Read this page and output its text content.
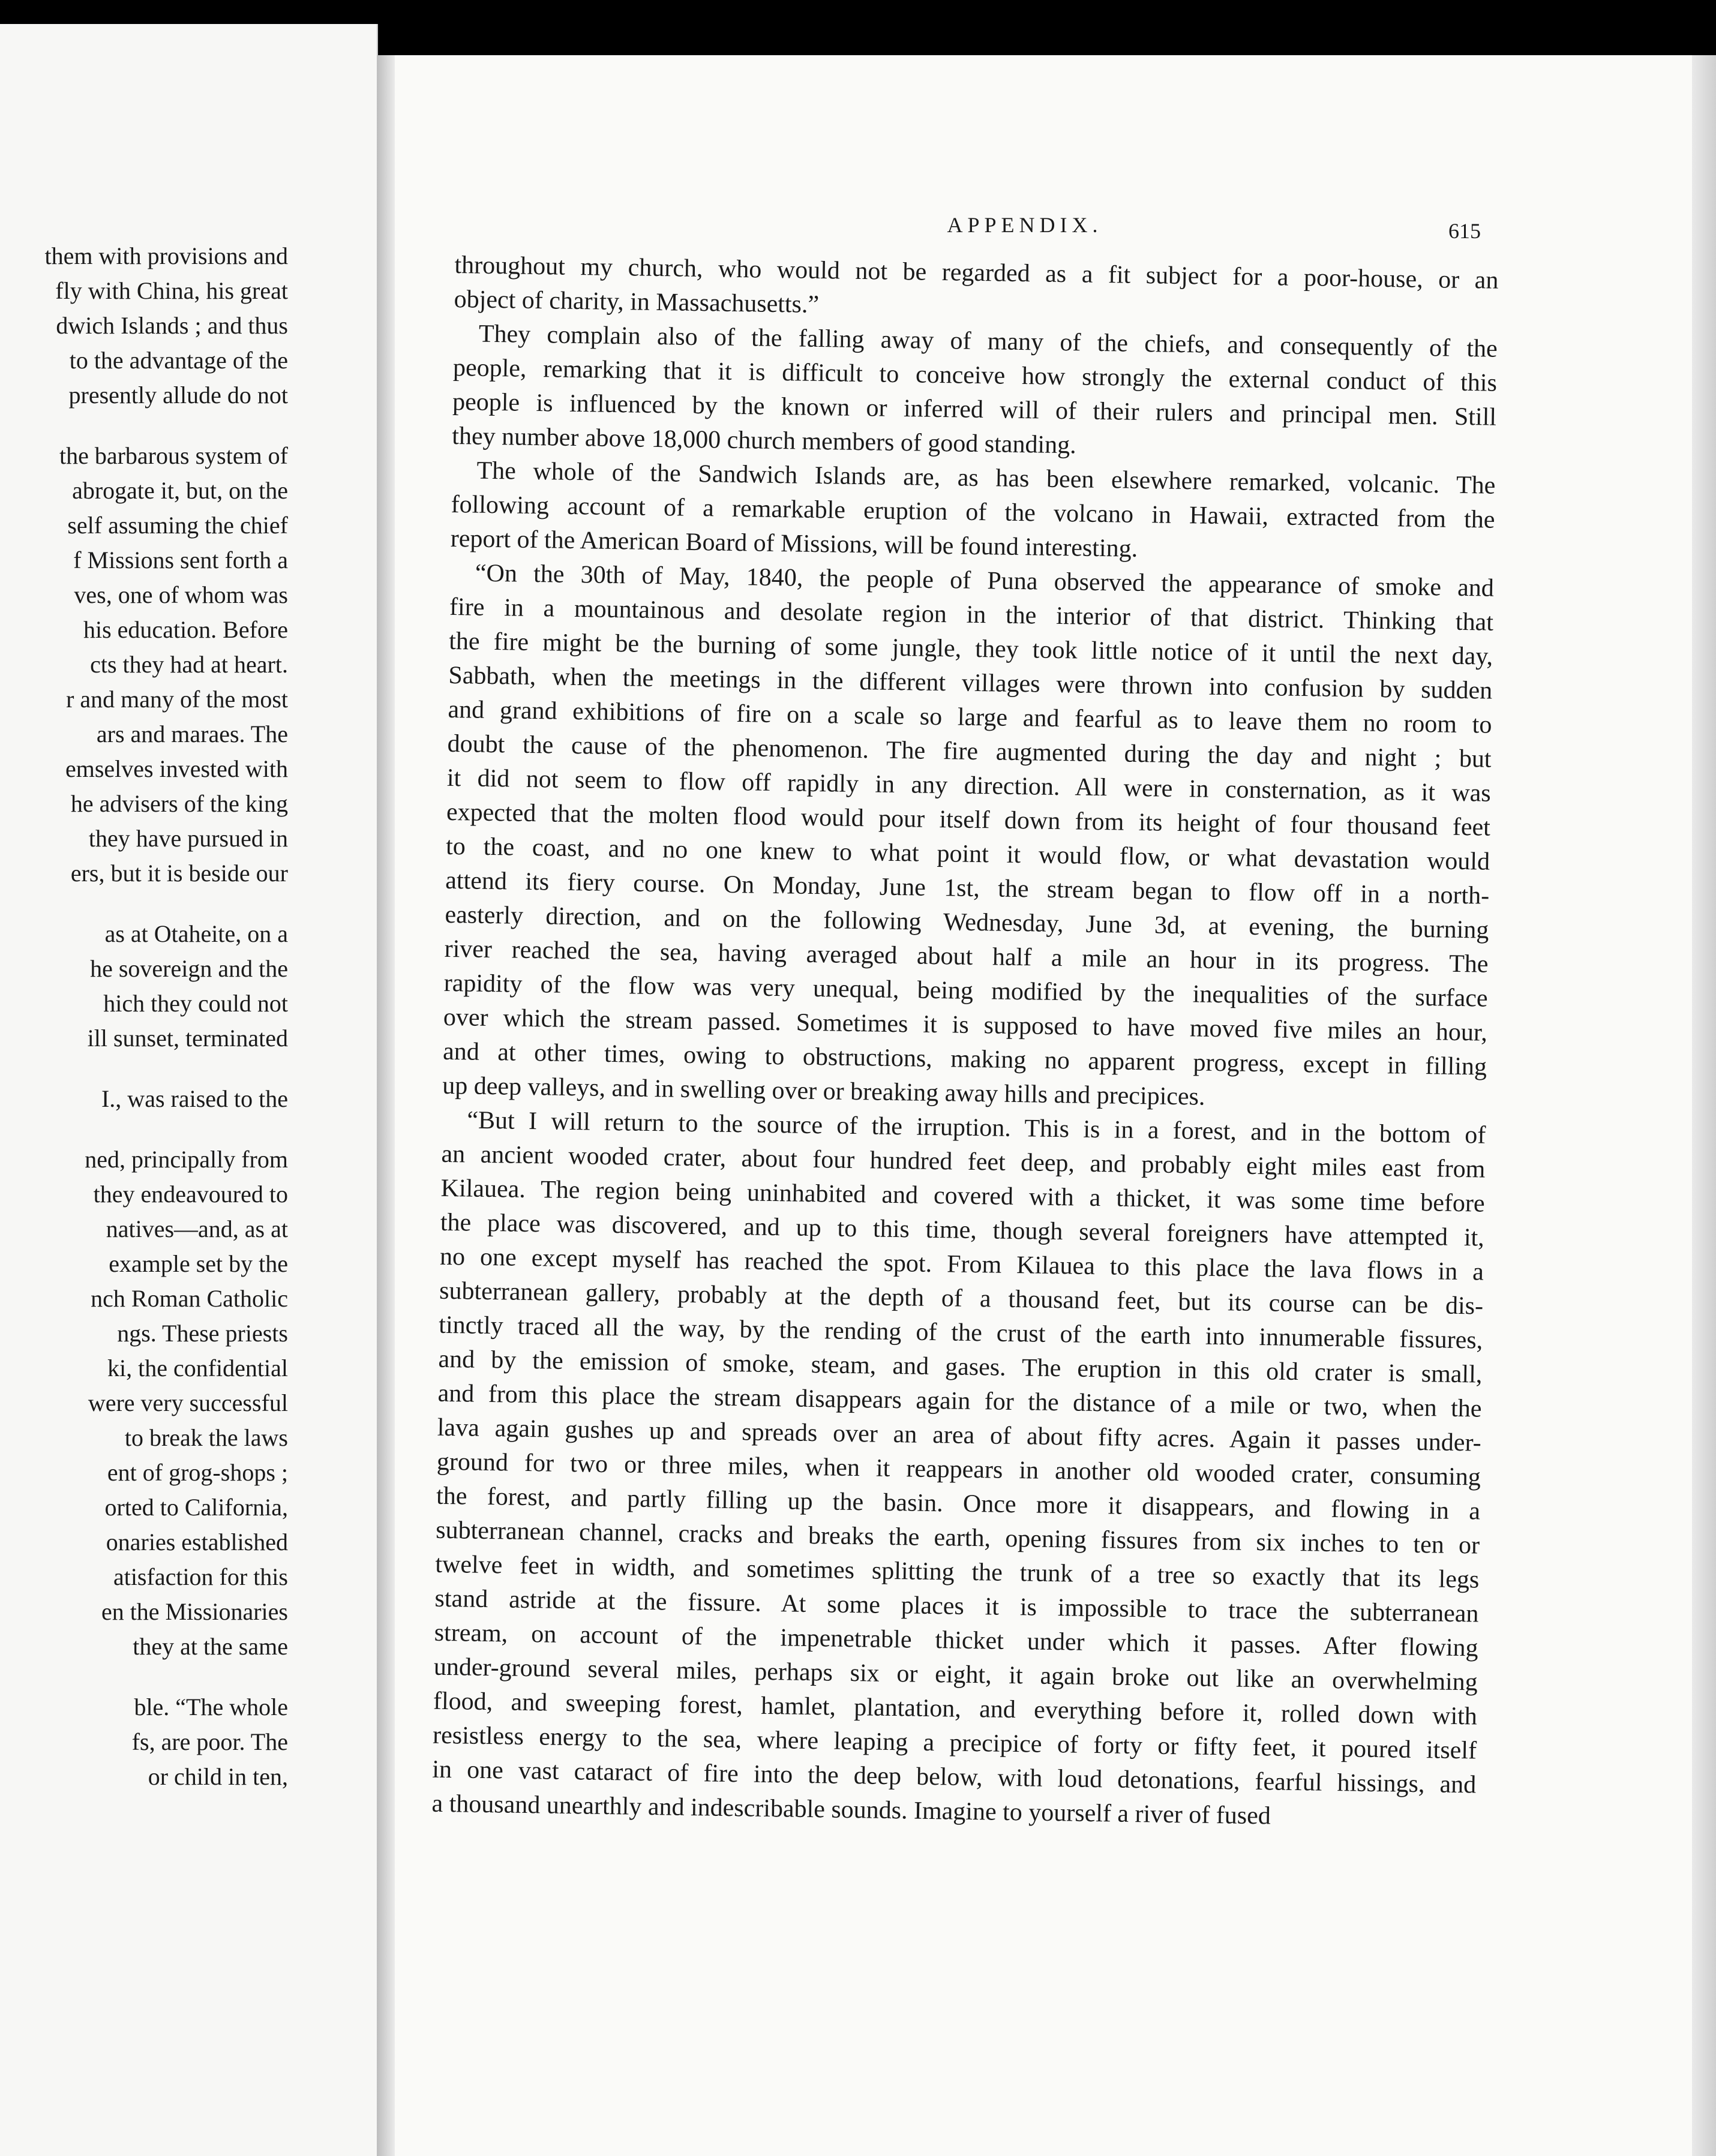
them with provisions and
fly with China, his great
dwich Islands ; and thus
to the advantage of the
presently allude do not
the barbarous system of
abrogate it, but, on the
self assuming the chief
f Missions sent forth a
ves, one of whom was
his education. Before
cts they had at heart.
r and many of the most
ars and maraes. The
emselves invested with
he advisers of the king
they have pursued in
ers, but it is beside our
as at Otaheite, on a
he sovereign and the
hich they could not
ill sunset, terminated
I., was raised to the
ned, principally from
they endeavoured to
natives—and, as at
example set by the
nch Roman Catholic
ngs. These priests
ki, the confidential
were very successful
to break the laws
ent of grog-shops ;
orted to California,
onaries established
atisfaction for this
en the Missionaries
they at the same
ble. “The whole
fs, are poor. The
or child in ten,
APPENDIX.	615
throughout my church, who would not be regarded as a fit subject for a poor-house, or an
object of charity, in Massachusetts.”
They complain also of the falling away of many of the chiefs, and consequently of the
people, remarking that it is difficult to conceive how strongly the external conduct of this
people is influenced by the known or inferred will of their rulers and principal men. Still
they number above 18,000 church members of good standing.
The whole of the Sandwich Islands are, as has been elsewhere remarked, volcanic. The
following account of a remarkable eruption of the volcano in Hawaii, extracted from the
report of the American Board of Missions, will be found interesting.
“On the 30th of May, 1840, the people of Puna observed the appearance of smoke and
fire in a mountainous and desolate region in the interior of that district. Thinking that
the fire might be the burning of some jungle, they took little notice of it until the next day,
Sabbath, when the meetings in the different villages were thrown into confusion by sudden
and grand exhibitions of fire on a scale so large and fearful as to leave them no room to
doubt the cause of the phenomenon. The fire augmented during the day and night ; but
it did not seem to flow off rapidly in any direction. All were in consternation, as it was
expected that the molten flood would pour itself down from its height of four thousand feet
to the coast, and no one knew to what point it would flow, or what devastation would
attend its fiery course. On Monday, June 1st, the stream began to flow off in a north-
easterly direction, and on the following Wednesday, June 3d, at evening, the burning
river reached the sea, having averaged about half a mile an hour in its progress. The
rapidity of the flow was very unequal, being modified by the inequalities of the surface
over which the stream passed. Sometimes it is supposed to have moved five miles an hour,
and at other times, owing to obstructions, making no apparent progress, except in filling
up deep valleys, and in swelling over or breaking away hills and precipices.
“But I will return to the source of the irruption. This is in a forest, and in the bottom of
an ancient wooded crater, about four hundred feet deep, and probably eight miles east from
Kilauea. The region being uninhabited and covered with a thicket, it was some time before
the place was discovered, and up to this time, though several foreigners have attempted it,
no one except myself has reached the spot. From Kilauea to this place the lava flows in a
subterranean gallery, probably at the depth of a thousand feet, but its course can be dis-
tinctly traced all the way, by the rending of the crust of the earth into innumerable fissures,
and by the emission of smoke, steam, and gases. The eruption in this old crater is small,
and from this place the stream disappears again for the distance of a mile or two, when the
lava again gushes up and spreads over an area of about fifty acres. Again it passes under-
ground for two or three miles, when it reappears in another old wooded crater, consuming
the forest, and partly filling up the basin. Once more it disappears, and flowing in a
subterranean channel, cracks and breaks the earth, opening fissures from six inches to ten or
twelve feet in width, and sometimes splitting the trunk of a tree so exactly that its legs
stand astride at the fissure. At some places it is impossible to trace the subterranean
stream, on account of the impenetrable thicket under which it passes. After flowing
under-ground several miles, perhaps six or eight, it again broke out like an overwhelming
flood, and sweeping forest, hamlet, plantation, and everything before it, rolled down with
resistless energy to the sea, where leaping a precipice of forty or fifty feet, it poured itself
in one vast cataract of fire into the deep below, with loud detonations, fearful hissings, and
a thousand unearthly and indescribable sounds. Imagine to yourself a river of fused
